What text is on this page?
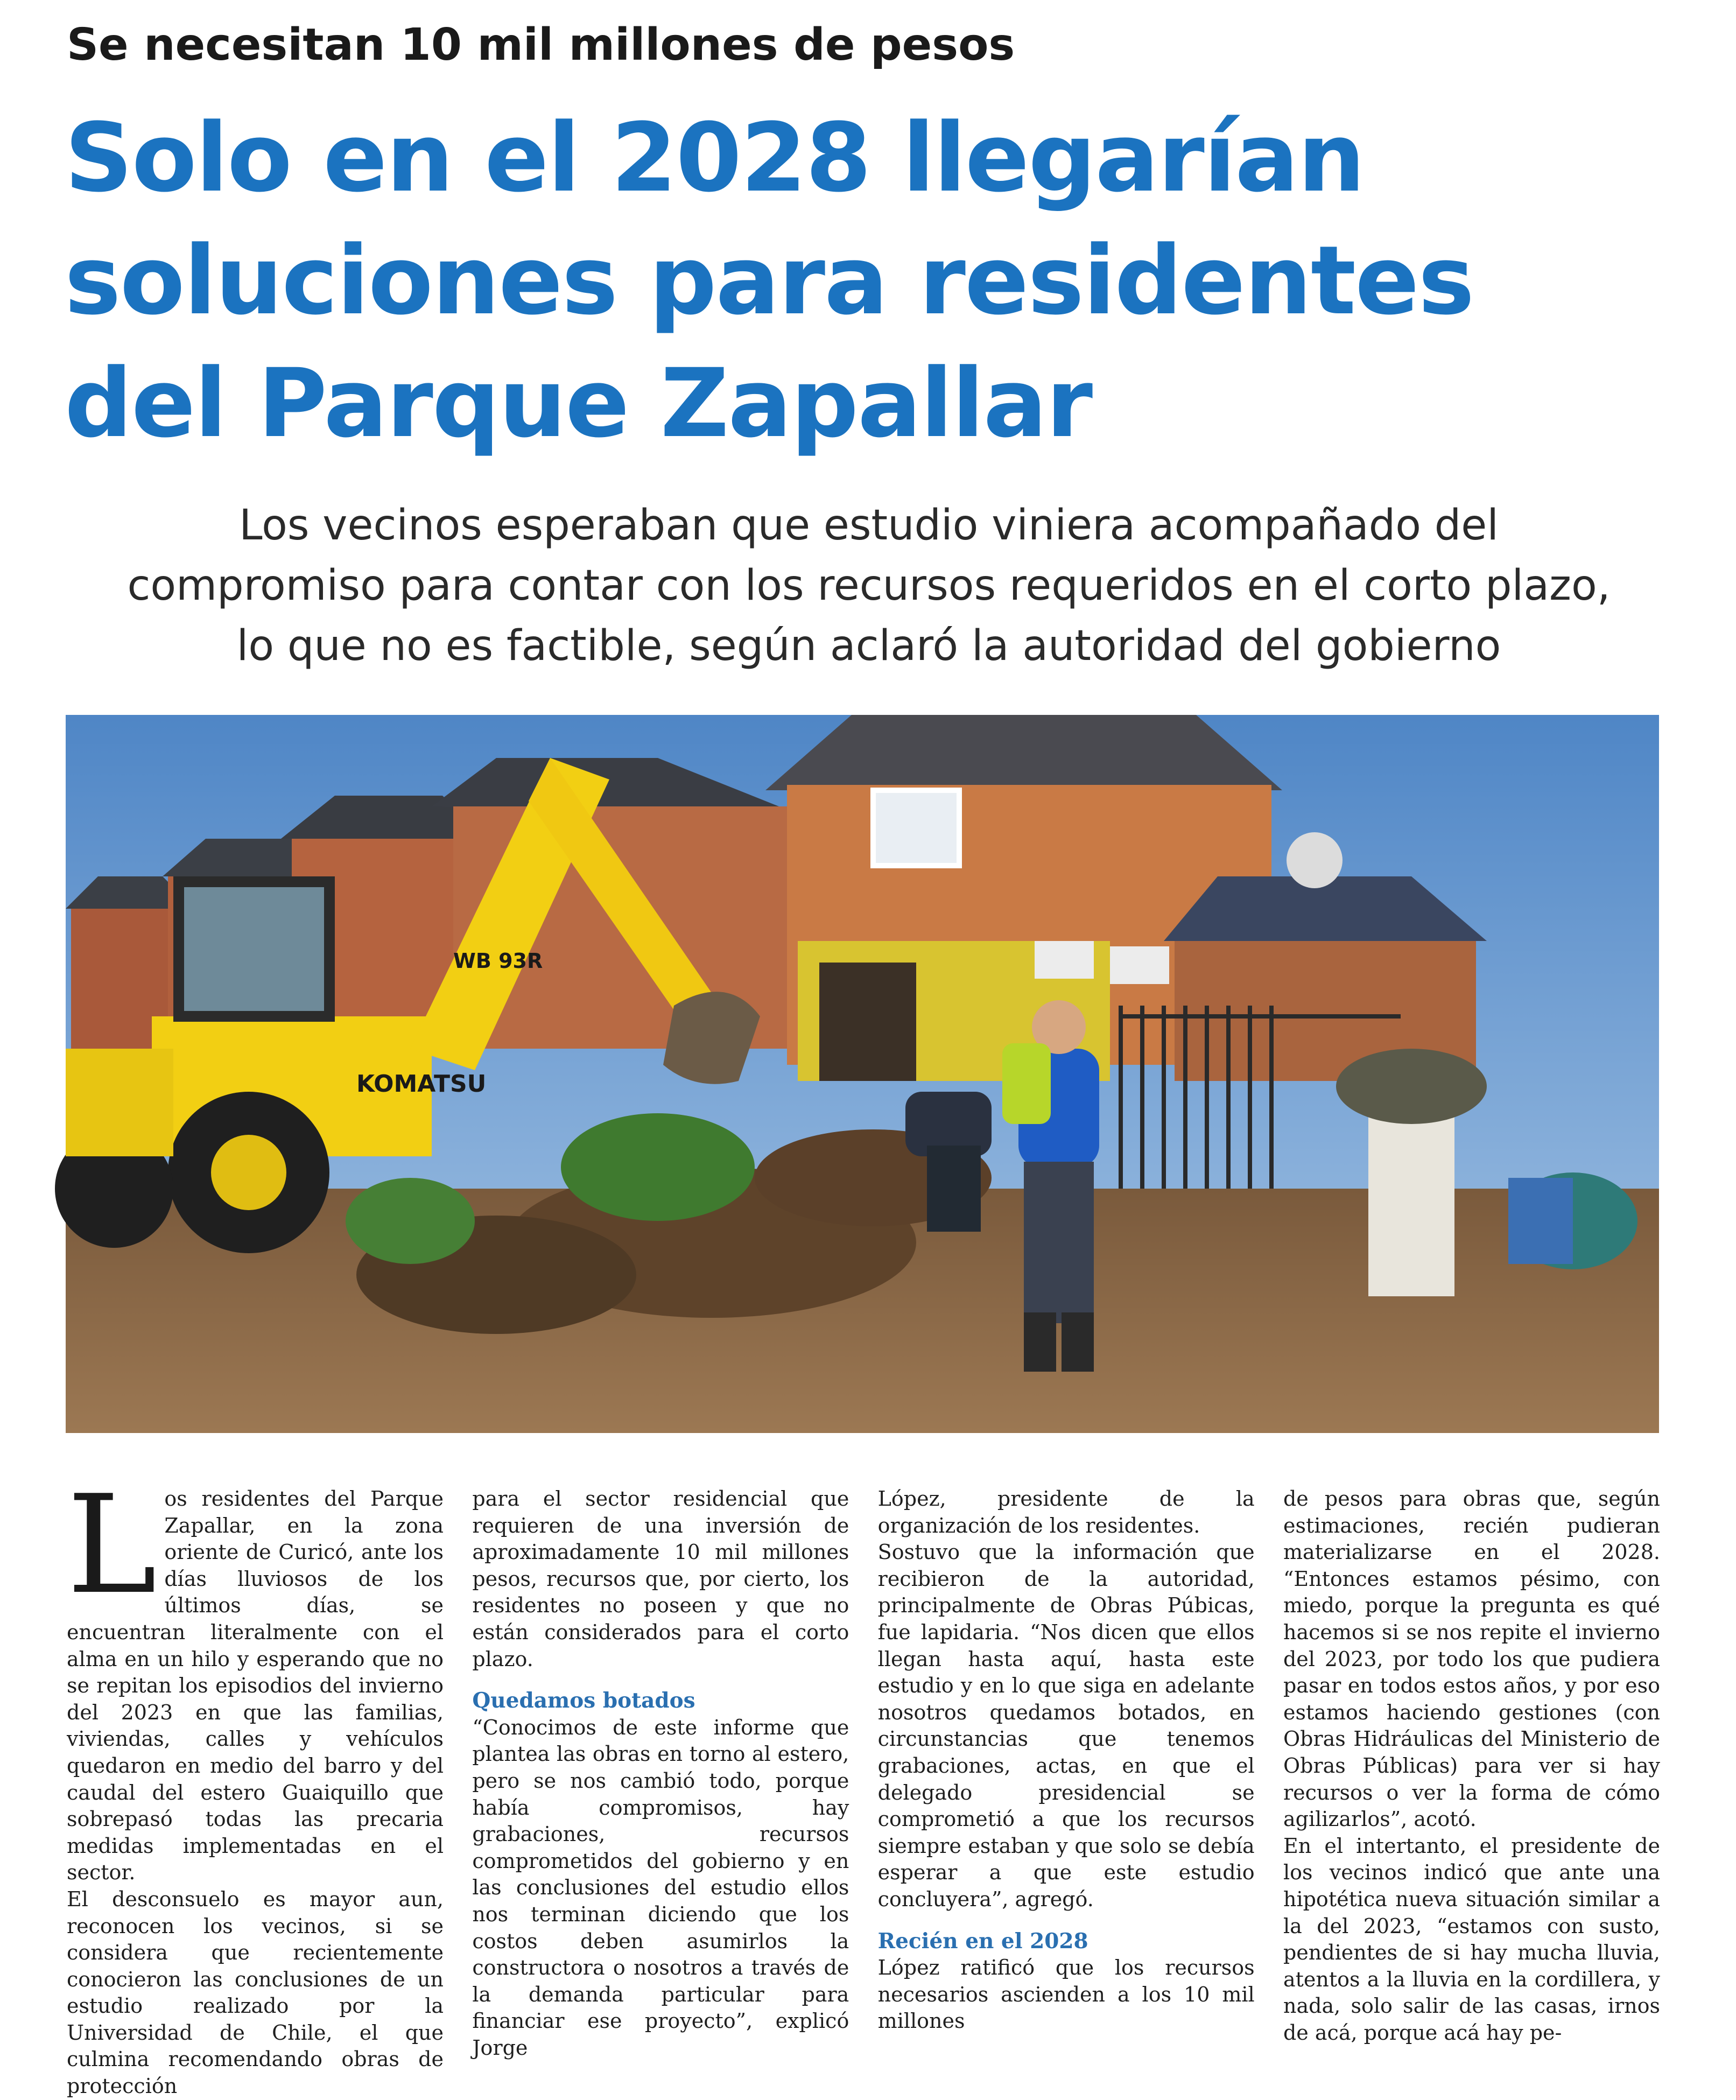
Se necesitan 10 mil millones de pesos
Solo en el 2028 llegarían
soluciones para residentes
del Parque Zapallar
Los vecinos esperaban que estudio viniera acompañado del
compromiso para contar con los recursos requeridos en el corto plazo,
lo que no es factible, según aclaró la autoridad del gobierno
KOMATSU
WB 93R
L os residentes del Parque Zapallar, en la zona oriente de Curicó, ante los días lluviosos de los últimos días, se encuentran literalmente con el alma en un hilo y esperando que no se repitan los episodios del invierno del 2023 en que las familias, viviendas, calles y vehículos quedaron en medio del barro y del caudal del estero Guaiquillo que sobrepasó todas las precaria medidas implementadas en el sector.

El desconsuelo es mayor aun, reconocen los vecinos, si se considera que recientemente conocieron las conclusiones de un estudio realizado por la Universidad de Chile, el que culmina recomendando obras de protección

para el sector residencial que requieren de una inversión de aproximadamente 10 mil millones pesos, recursos que, por cierto, los residentes no poseen y que no están considerados para el corto plazo.

Quedamos botados

“Conocimos de este informe que plantea las obras en torno al estero, pero se nos cambió todo, porque había compromisos, hay grabaciones, recursos comprometidos del gobierno y en las conclusiones del estudio ellos nos terminan diciendo que los costos deben asumirlos la constructora o nosotros a través de la demanda particular para financiar ese proyecto”, explicó Jorge

López, presidente de la organización de los residentes.

Sostuvo que la información que recibieron de la autoridad, principalmente de Obras Púbicas, fue lapidaria. “Nos dicen que ellos llegan hasta aquí, hasta este estudio y en lo que siga en adelante nosotros quedamos botados, en circunstancias que tenemos grabaciones, actas, en que el delegado presidencial se comprometió a que los recursos siempre estaban y que solo se debía esperar a que este estudio concluyera”, agregó.

Recién en el 2028

López ratificó que los recursos necesarios ascienden a los 10 mil millones

de pesos para obras que, según estimaciones, recién pudieran materializarse en el 2028. “Entonces estamos pésimo, con miedo, porque la pregunta es qué hacemos si se nos repite el invierno del 2023, por todo los que pudiera pasar en todos estos años, y por eso estamos haciendo gestiones (con Obras Hidráulicas del Ministerio de Obras Públicas) para ver si hay recursos o ver la forma de cómo agilizarlos”, acotó.

En el intertanto, el presidente de los vecinos indicó que ante una hipotética nueva situación similar a la del 2023, “estamos con susto, pendientes de si hay mucha lluvia, atentos a la lluvia en la cordillera, y nada, solo salir de las casas, irnos de acá, porque acá hay pe-
